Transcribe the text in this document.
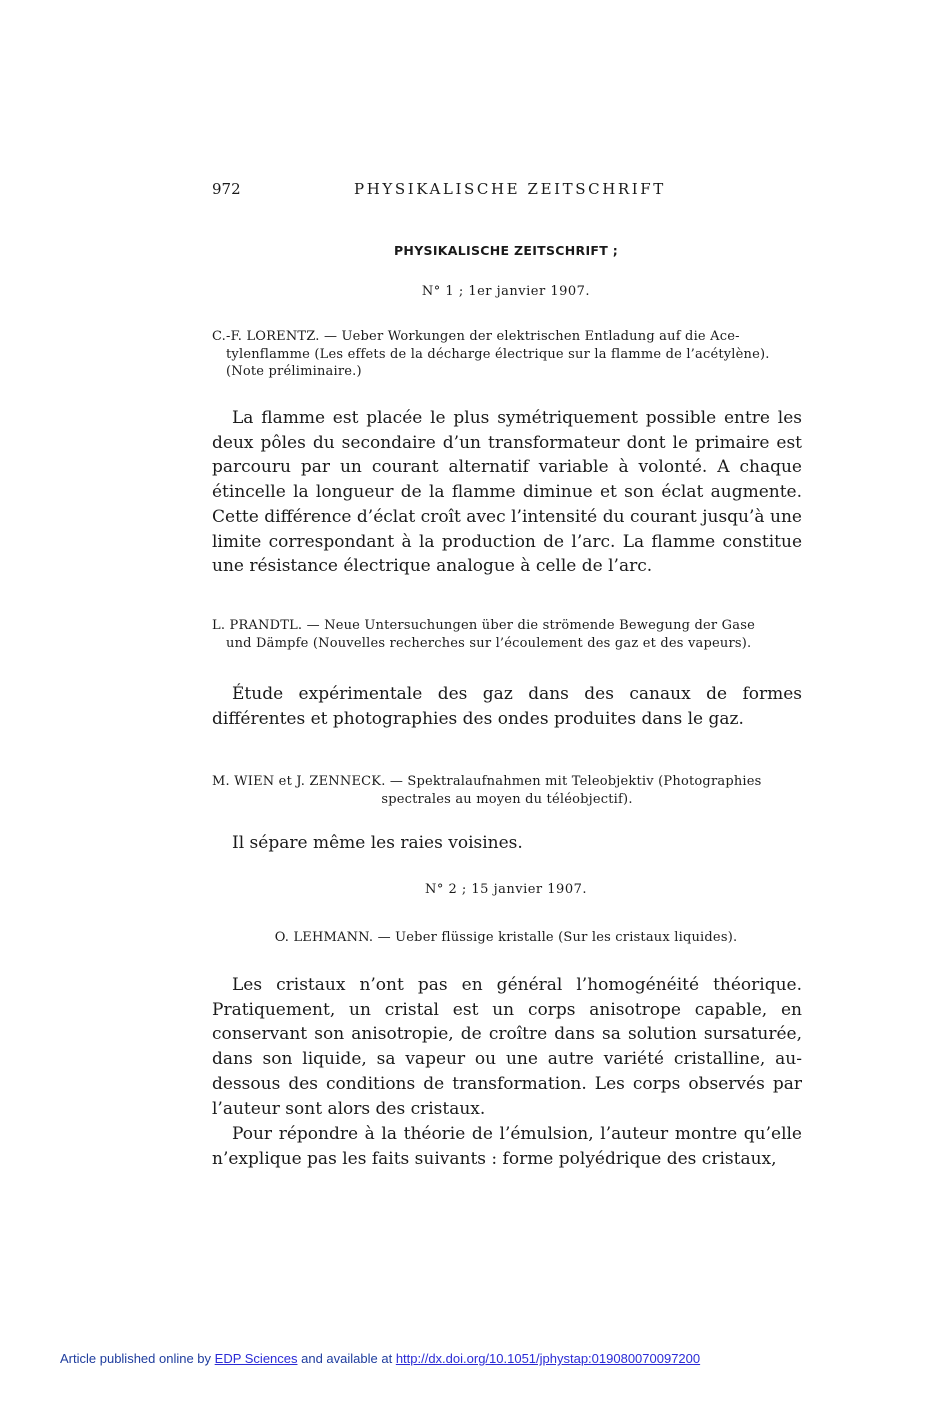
972	PHYSIKALISCHE ZEITSCHRIFT
PHYSIKALISCHE ZEITSCHRIFT ;
N° 1 ; 1er janvier 1907.
C.-F. LORENTZ. — Ueber Workungen der elektrischen Entladung auf die Ace-
tylenflamme (Les effets de la décharge électrique sur la flamme de l’acétylène).
(Note préliminaire.)
La flamme est placée le plus symétriquement possible entre les deux pôles du secondaire d’un transformateur dont le primaire est parcouru par un courant alternatif variable à volonté. A chaque étincelle la longueur de la flamme diminue et son éclat augmente. Cette différence d’éclat croît avec l’intensité du courant jusqu’à une limite correspondant à la production de l’arc. La flamme constitue une résistance électrique analogue à celle de l’arc.
L. PRANDTL. — Neue Untersuchungen über die strömende Bewegung der Gase
und Dämpfe (Nouvelles recherches sur l’écoulement des gaz et des vapeurs).
Étude expérimentale des gaz dans des canaux de formes différentes et photographies des ondes produites dans le gaz.
M. WIEN et J. ZENNECK. — Spektralaufnahmen mit Teleobjektiv (Photographies
spectrales au moyen du téléobjectif).
Il sépare même les raies voisines.
N° 2 ; 15 janvier 1907.
O. LEHMANN. — Ueber flüssige kristalle (Sur les cristaux liquides).
Les cristaux n’ont pas en général l’homogénéité théorique. Pratiquement, un cristal est un corps anisotrope capable, en conservant son anisotropie, de croître dans sa solution sursaturée, dans son liquide, sa vapeur ou une autre variété cristalline, au-dessous des conditions de transformation. Les corps observés par l’auteur sont alors des cristaux.
Pour répondre à la théorie de l’émulsion, l’auteur montre qu’elle n’explique pas les faits suivants : forme polyédrique des cristaux,
Article published online by EDP Sciences and available at http://dx.doi.org/10.1051/jphystap:019080070097200
